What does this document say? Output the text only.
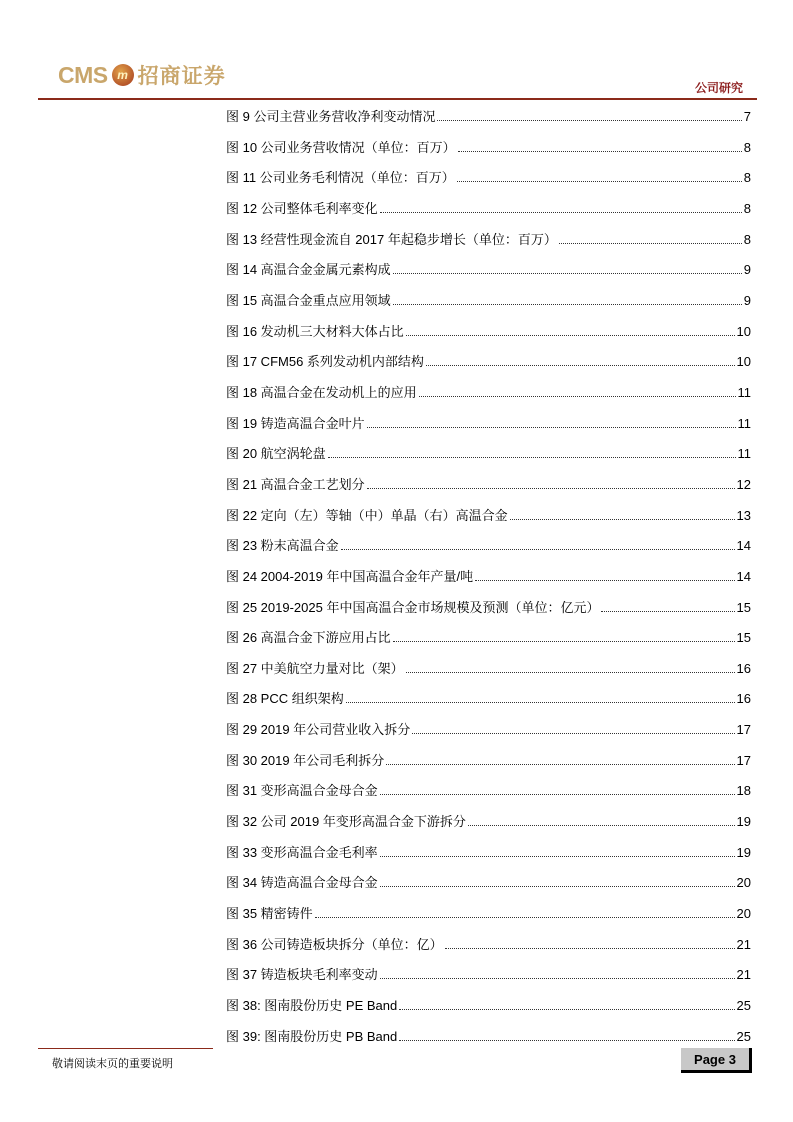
CMS m 招商证券	公司研究
图 9 公司主营业务营收净利变动情况	7
图 10 公司业务营收情况（单位：百万）	8
图 11 公司业务毛利情况（单位：百万）	8
图 12 公司整体毛利率变化	8
图 13 经营性现金流自 2017 年起稳步增长（单位：百万）	8
图 14 高温合金金属元素构成	9
图 15 高温合金重点应用领域	9
图 16 发动机三大材料大体占比	10
图 17 CFM56 系列发动机内部结构	10
图 18 高温合金在发动机上的应用	11
图 19 铸造高温合金叶片	11
图 20 航空涡轮盘	11
图 21 高温合金工艺划分	12
图 22 定向（左）等轴（中）单晶（右）高温合金	13
图 23 粉末高温合金	14
图 24 2004-2019 年中国高温合金年产量/吨	14
图 25 2019-2025 年中国高温合金市场规模及预测（单位：亿元）	15
图 26 高温合金下游应用占比	15
图 27 中美航空力量对比（架）	16
图 28 PCC 组织架构	16
图 29 2019 年公司营业收入拆分	17
图 30 2019 年公司毛利拆分	17
图 31 变形高温合金母合金	18
图 32 公司 2019 年变形高温合金下游拆分	19
图 33 变形高温合金毛利率	19
图 34 铸造高温合金母合金	20
图 35 精密铸件	20
图 36 公司铸造板块拆分（单位：亿）	21
图 37 铸造板块毛利率变动	21
图 38: 图南股份历史 PE Band	25
图 39: 图南股份历史 PB Band	25
敬请阅读末页的重要说明	Page 3
